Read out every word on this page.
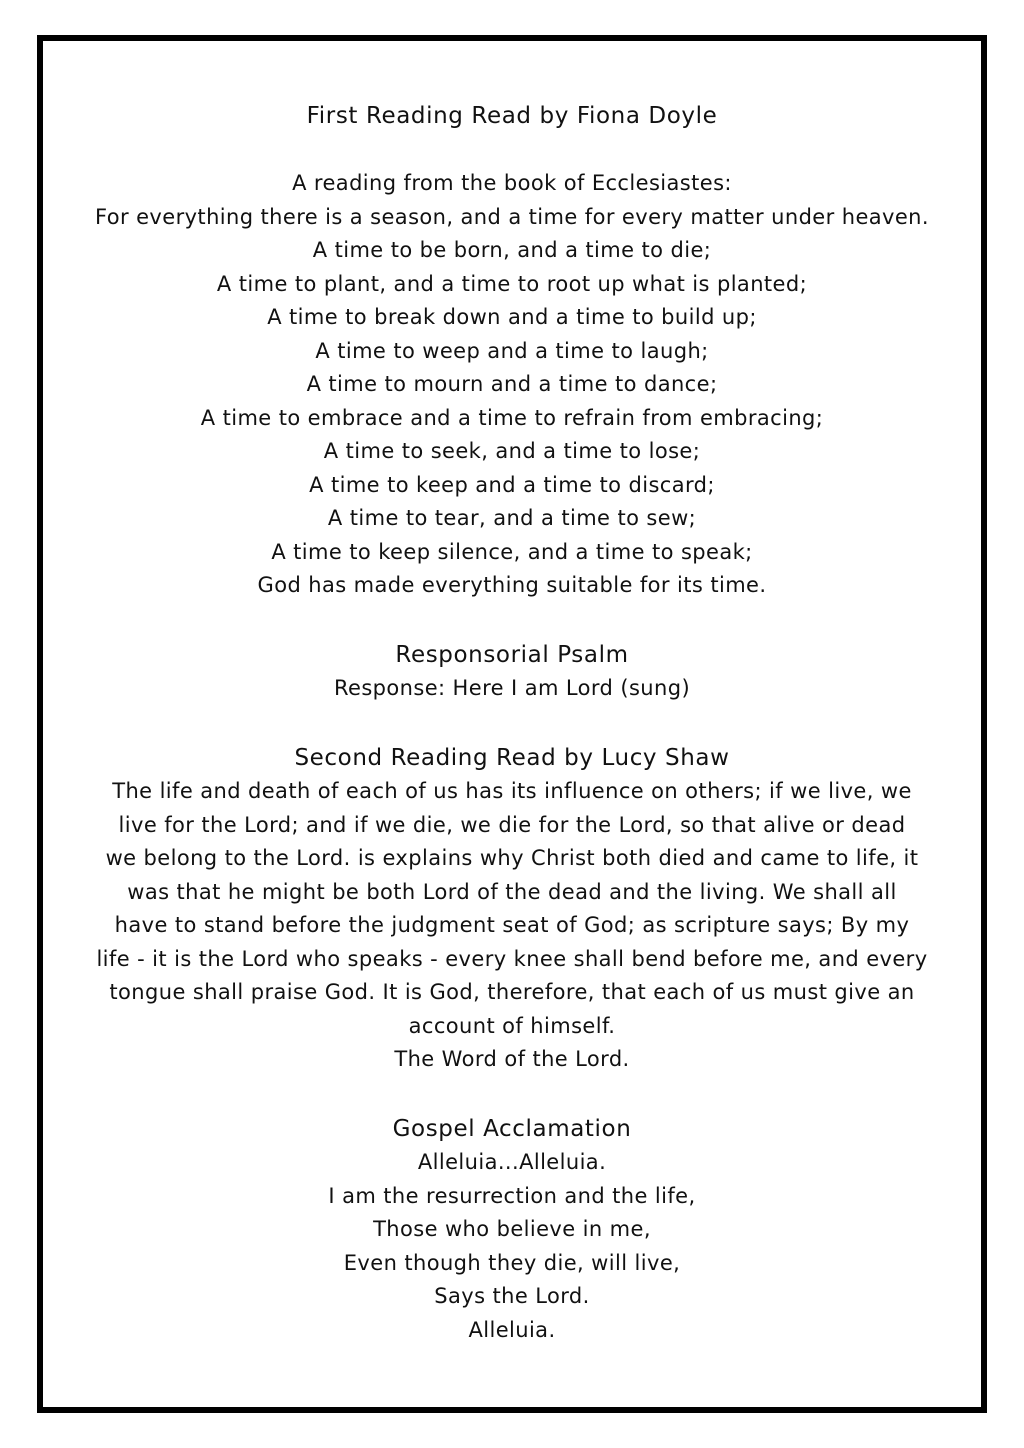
First Reading Read by Fiona Doyle
A reading from the book of Ecclesiastes:
For everything there is a season, and a time for every matter under heaven.
A time to be born, and a time to die;
A time to plant, and a time to root up what is planted;
A time to break down and a time to build up;
A time to weep and a time to laugh;
A time to mourn and a time to dance;
A time to embrace and a time to refrain from embracing;
A time to seek, and a time to lose;
A time to keep and a time to discard;
A time to tear, and a time to sew;
A time to keep silence, and a time to speak;
God has made everything suitable for its time.
Responsorial Psalm
Response: Here I am Lord (sung)
Second Reading Read by Lucy Shaw
The life and death of each of us has its influence on others; if we live, we
live for the Lord; and if we die, we die for the Lord, so that alive or dead
we belong to the Lord. is explains why Christ both died and came to life, it
was that he might be both Lord of the dead and the living. We shall all
have to stand before the judgment seat of God; as scripture says; By my
life - it is the Lord who speaks - every knee shall bend before me, and every
tongue shall praise God. It is God, therefore, that each of us must give an
account of himself.
The Word of the Lord.
Gospel Acclamation
Alleluia...Alleluia.
I am the resurrection and the life,
Those who believe in me,
Even though they die, will live,
Says the Lord.
Alleluia.
